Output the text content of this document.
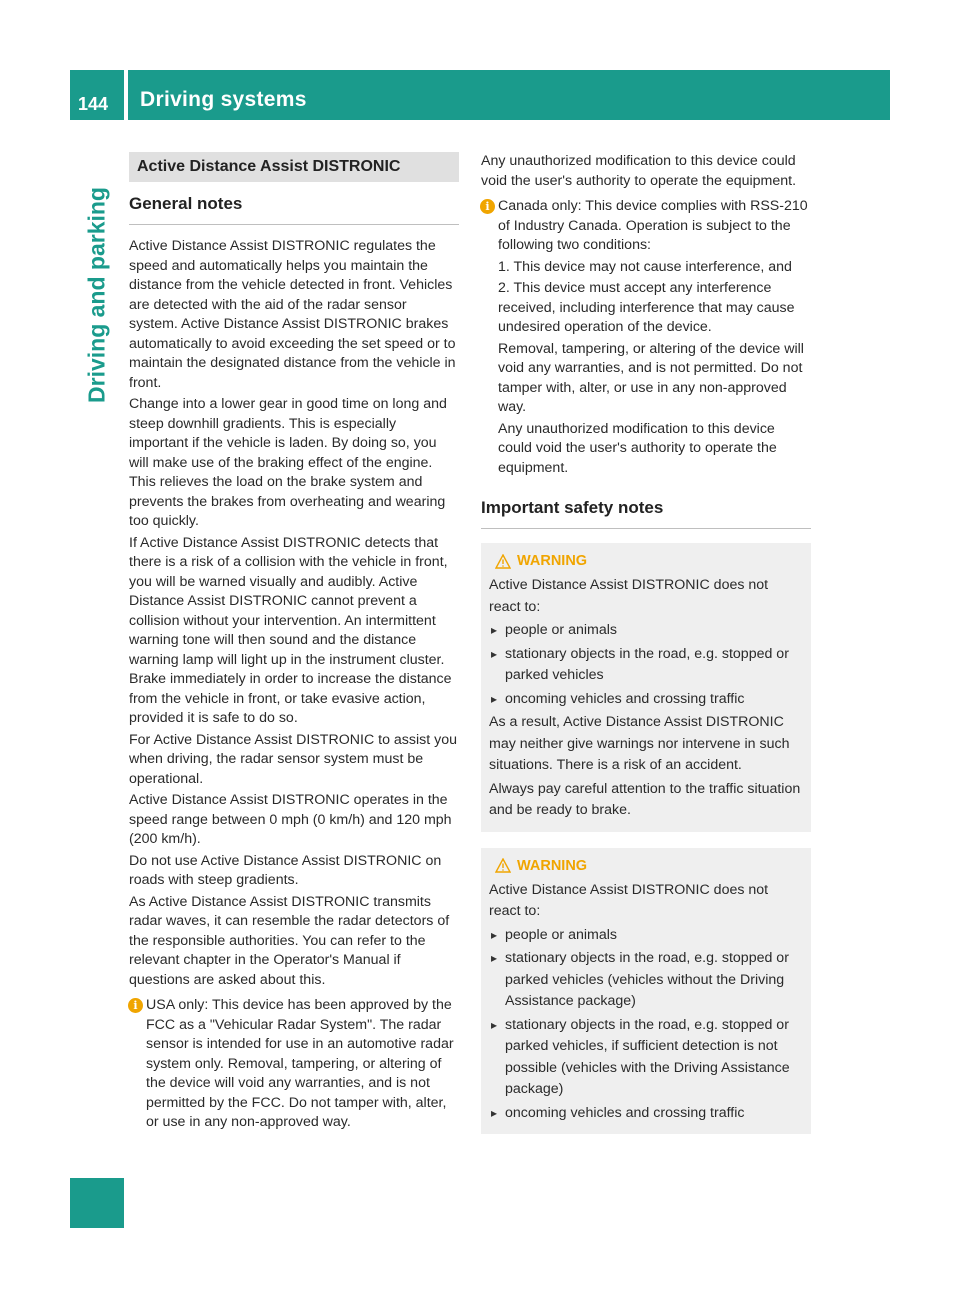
144 Driving systems
Driving and parking
Active Distance Assist DISTRONIC
General notes

Active Distance Assist DISTRONIC regulates the speed and automatically helps you maintain the distance from the vehicle detected in front. Vehicles are detected with the aid of the radar sensor system. Active Distance Assist DISTRONIC brakes automatically to avoid exceeding the set speed or to maintain the designated distance from the vehicle in front.

Change into a lower gear in good time on long and steep downhill gradients. This is especially important if the vehicle is laden. By doing so, you will make use of the braking effect of the engine. This relieves the load on the brake system and prevents the brakes from overheating and wearing too quickly.

If Active Distance Assist DISTRONIC detects that there is a risk of a collision with the vehicle in front, you will be warned visually and audibly. Active Distance Assist DISTRONIC cannot prevent a collision without your intervention. An intermittent warning tone will then sound and the distance warning lamp will light up in the instrument cluster. Brake immediately in order to increase the distance from the vehicle in front, or take evasive action, provided it is safe to do so.

For Active Distance Assist DISTRONIC to assist you when driving, the radar sensor system must be operational.

Active Distance Assist DISTRONIC operates in the speed range between 0 mph (0 km/h) and 120 mph (200 km/h).

Do not use Active Distance Assist DISTRONIC on roads with steep gradients.

As Active Distance Assist DISTRONIC transmits radar waves, it can resemble the radar detectors of the responsible authorities. You can refer to the relevant chapter in the Operator's Manual if questions are asked about this.

i USA only: This device has been approved by the FCC as a "Vehicular Radar System". The radar sensor is intended for use in an automotive radar system only. Removal, tampering, or altering of the device will void any warranties, and is not permitted by the FCC. Do not tamper with, alter, or use in any non-approved way.

Any unauthorized modification to this device could void the user's authority to operate the equipment.

i Canada only: This device complies with RSS-210 of Industry Canada. Operation is subject to the following two conditions:

1. This device may not cause interference, and

2. This device must accept any interference received, including interference that may cause undesired operation of the device.

Removal, tampering, or altering of the device will void any warranties, and is not permitted. Do not tamper with, alter, or use in any non-approved way.

Any unauthorized modification to this device could void the user's authority to operate the equipment.

Important safety notes
WARNING

Active Distance Assist DISTRONIC does not react to:

▸ people or animals
▸ stationary objects in the road, e.g. stopped or parked vehicles
▸ oncoming vehicles and crossing traffic

As a result, Active Distance Assist DISTRONIC may neither give warnings nor intervene in such situations. There is a risk of an accident.

Always pay careful attention to the traffic situation and be ready to brake.

WARNING

Active Distance Assist DISTRONIC does not react to:

▸ people or animals
▸ stationary objects in the road, e.g. stopped or parked vehicles (vehicles without the Driving Assistance package)
▸ stationary objects in the road, e.g. stopped or parked vehicles, if sufficient detection is not possible (vehicles with the Driving Assistance package)
▸ oncoming vehicles and crossing traffic
